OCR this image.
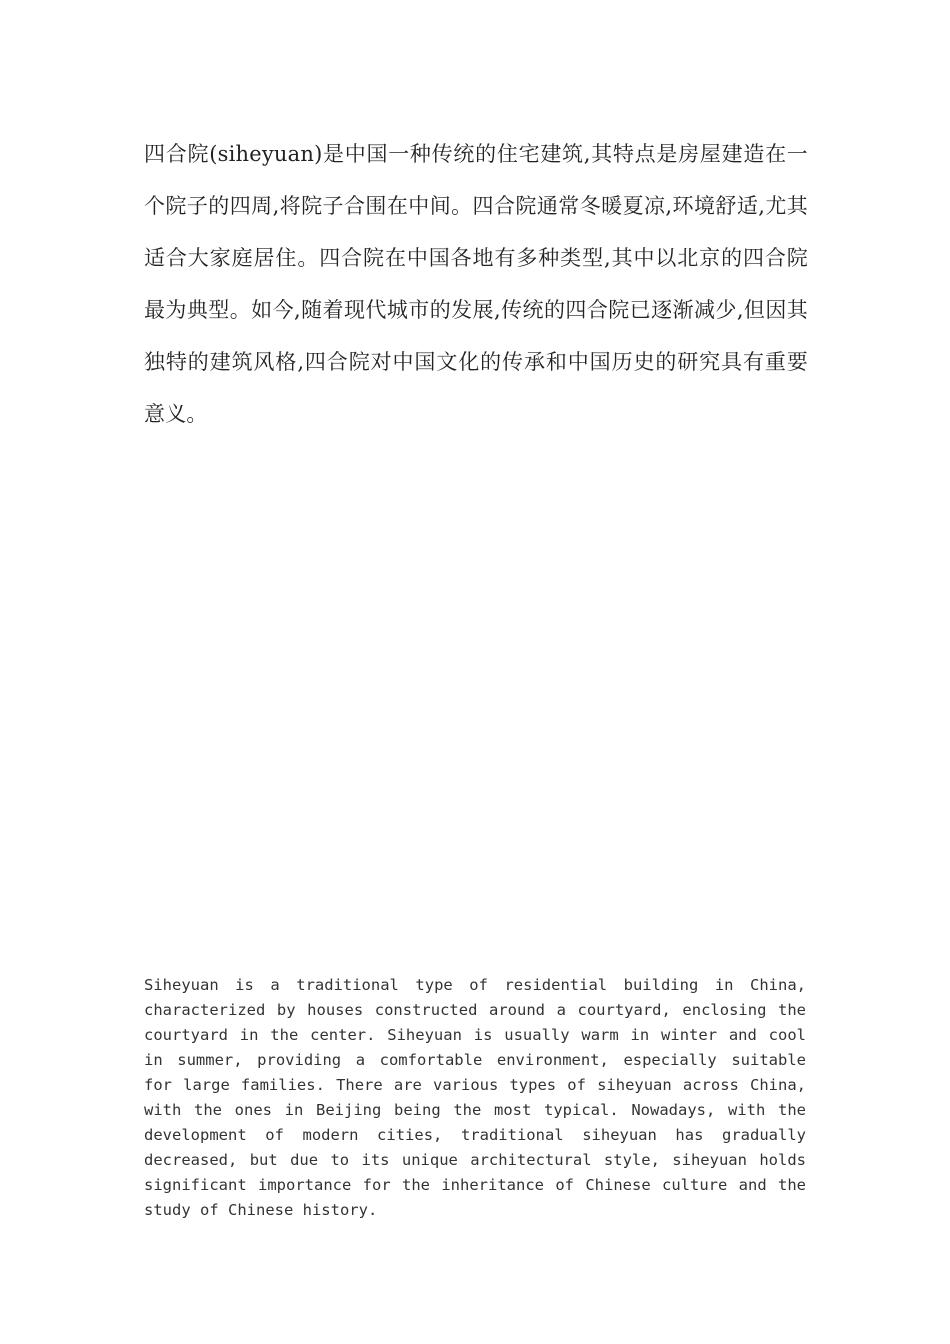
四合院(siheyuan)是中国一种传统的住宅建筑,其特点是房屋建造在一个院子的四周,将院子合围在中间。四合院通常冬暖夏凉,环境舒适,尤其适合大家庭居住。四合院在中国各地有多种类型,其中以北京的四合院最为典型。如今,随着现代城市的发展,传统的四合院已逐渐减少,但因其独特的建筑风格,四合院对中国文化的传承和中国历史的研究具有重要意义。

Siheyuan is a traditional type of residential building in China, characterized by houses constructed around a courtyard, enclosing the courtyard in the center. Siheyuan is usually warm in winter and cool in summer, providing a comfortable environment, especially suitable for large families. There are various types of siheyuan across China, with the ones in Beijing being the most typical. Nowadays, with the development of modern cities, traditional siheyuan has gradually decreased, but due to its unique architectural style, siheyuan holds significant importance for the inheritance of Chinese culture and the study of Chinese history.
